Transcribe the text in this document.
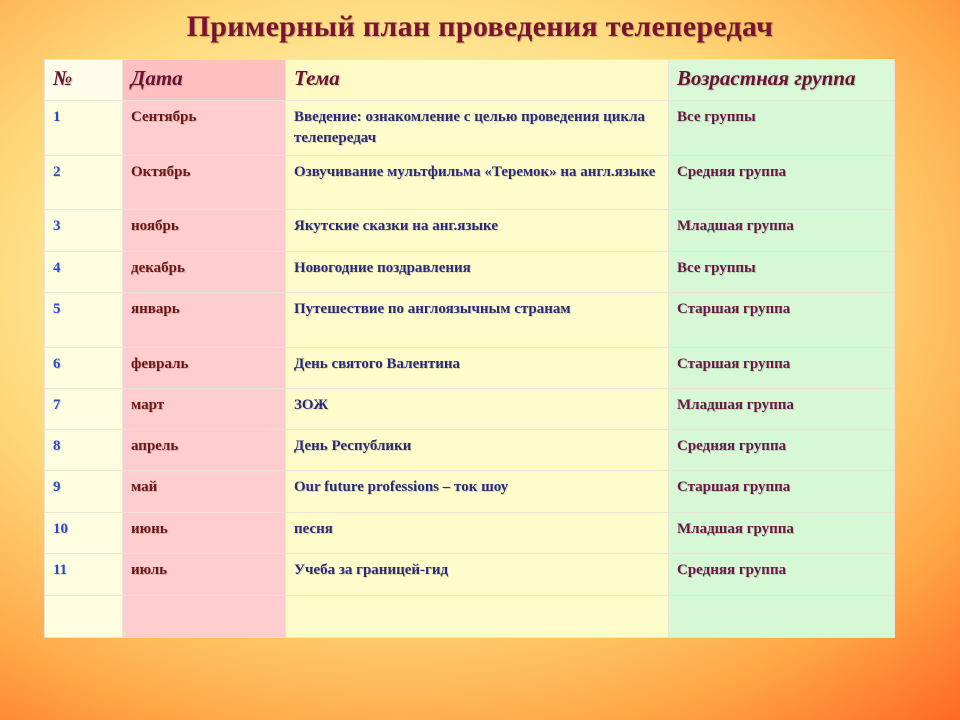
Примерный план проведения телепередач
№	Дата	Тема	Возрастная группа
1	Сентябрь	Введение: ознакомление с целью проведения цикла телепередач	Все группы
2	Октябрь	Озвучивание мультфильма «Теремок» на англ.языке	Средняя группа
3	ноябрь	Якутские сказки на анг.языке	Младшая группа
4	декабрь	Новогодние поздравления	Все группы
5	январь	Путешествие по англоязычным странам	Старшая группа
6	февраль	День святого Валентина	Старшая группа
7	март	ЗОЖ	Младшая группа
8	апрель	День Республики	Средняя группа
9	май	Our future professions – ток шоу	Старшая группа
10	июнь	песня	Младшая группа
11	июль	Учеба за границей-гид	Средняя группа
